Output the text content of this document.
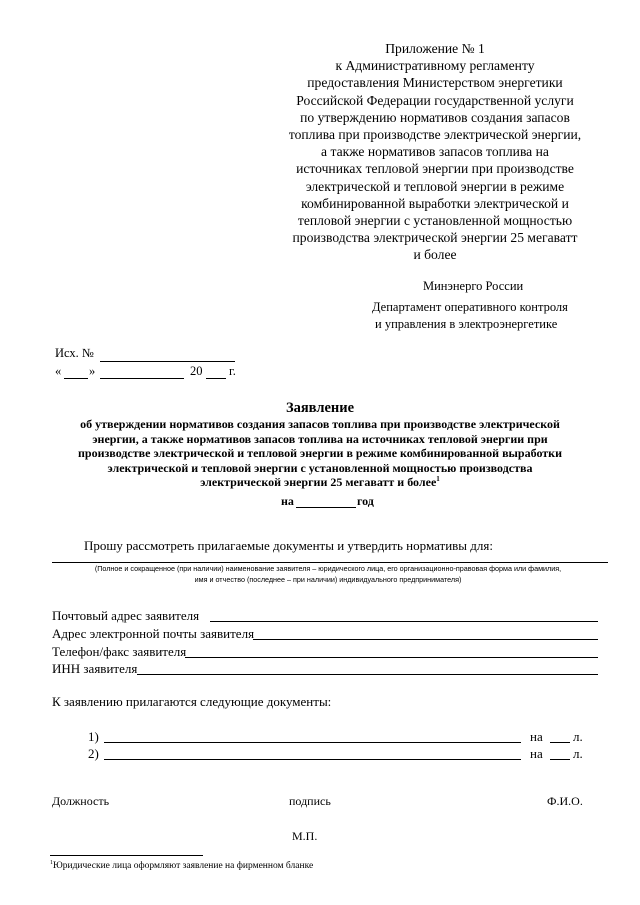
Приложение № 1
к Административному регламенту
предоставления Министерством энергетики
Российской Федерации государственной услуги
по утверждению нормативов создания запасов
топлива при производстве электрической энергии,
а также нормативов запасов топлива на
источниках тепловой энергии при производстве
электрической и тепловой энергии в режиме
комбинированной выработки электрической и
тепловой энергии с установленной мощностью
производства электрической энергии 25 мегаватт
и более
Минэнерго России
Департамент оперативного контроля
и управления в электроэнергетике
Исх. №
« »	20 г.
Заявление
об утверждении нормативов создания запасов топлива при производстве электрической
энергии, а также нормативов запасов топлива на источниках тепловой энергии при
производстве электрической и тепловой энергии в режиме комбинированной выработки
электрической и тепловой энергии с установленной мощностью производства
электрической энергии 25 мегаватт и более$^1$
на	год
Прошу рассмотреть прилагаемые документы и утвердить нормативы для:
(Полное и сокращенное (при наличии) наименование заявителя – юридического лица, его организационно-правовая форма или фамилия,
имя и отчество (последнее – при наличии) индивидуального предпринимателя)
Почтовый адрес заявителя
Адрес электронной почты заявителя
Телефон/факс заявителя
ИНН заявителя
К заявлению прилагаются следующие документы:
1)	на л.
2)	на л.
Должность	подпись	Ф.И.О.
М.П.
$^1$Юридические лица оформляют заявление на фирменном бланке
